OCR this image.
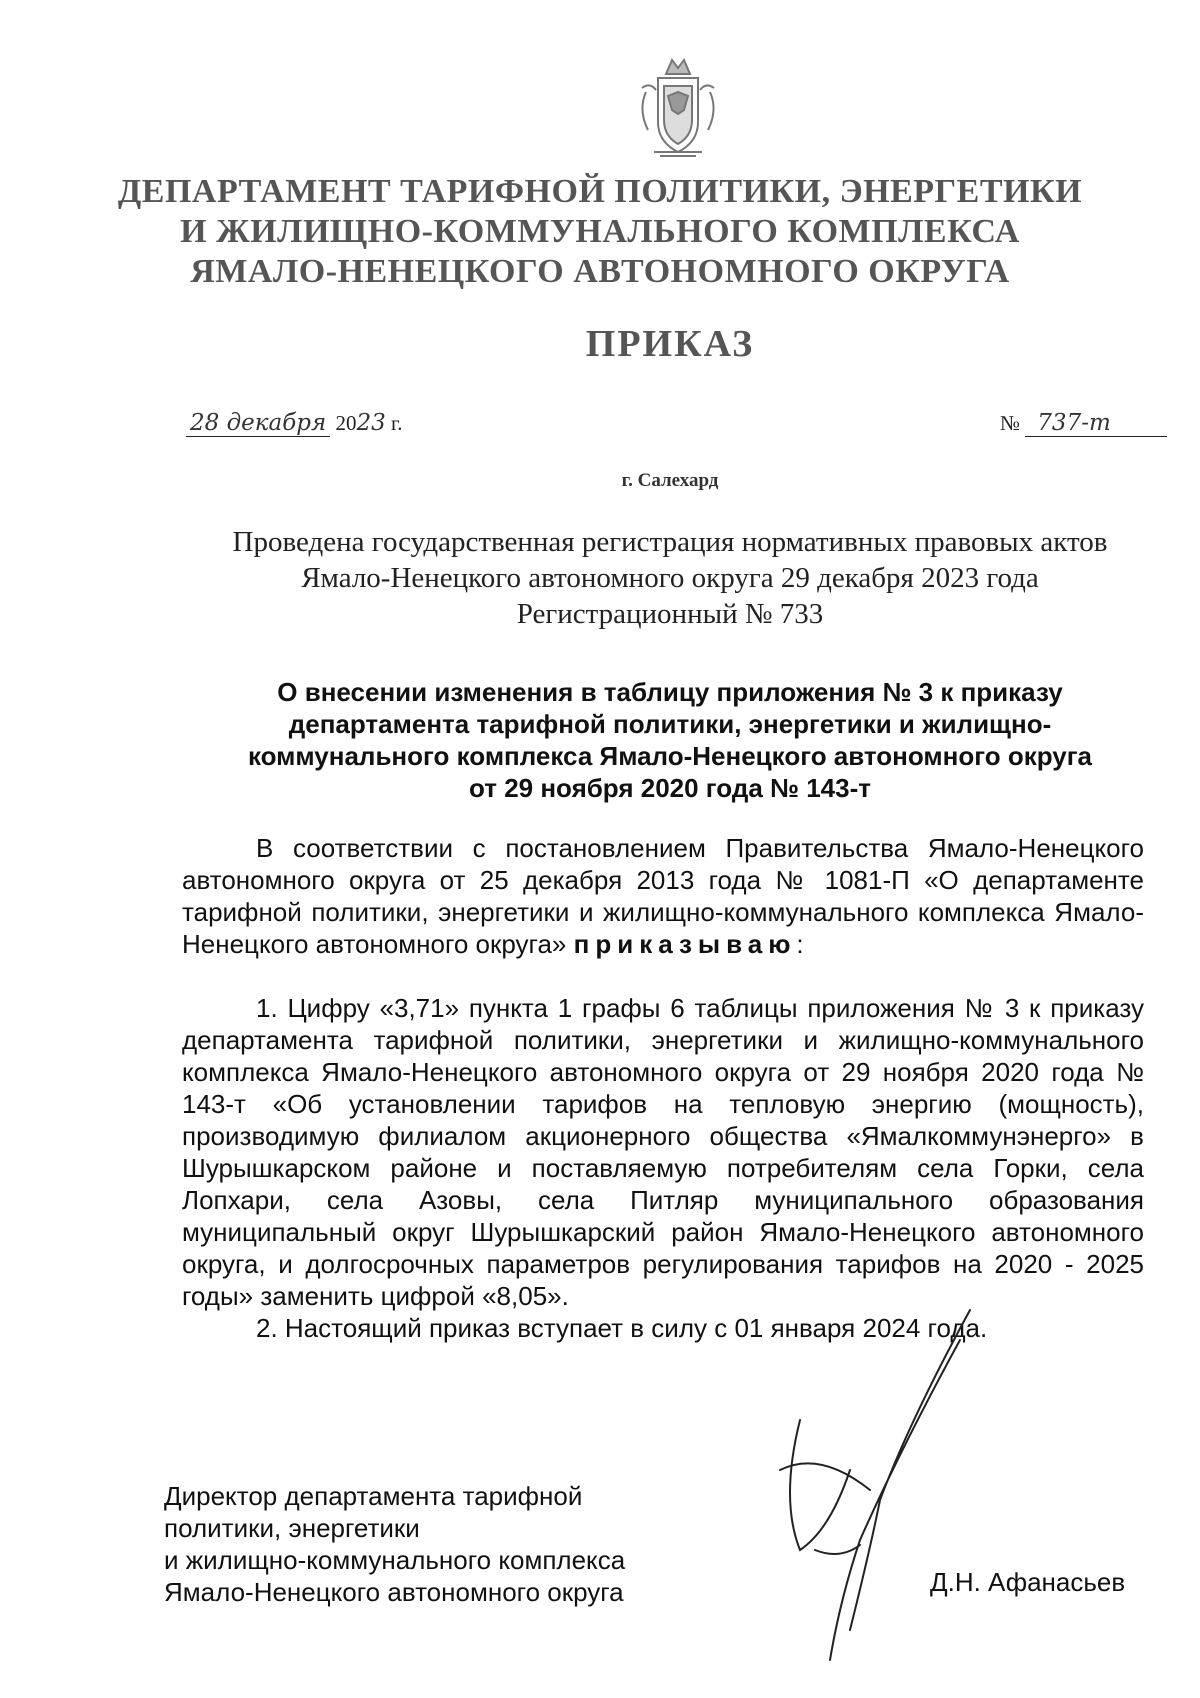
ДЕПАРТАМЕНТ ТАРИФНОЙ ПОЛИТИКИ, ЭНЕРГЕТИКИ
И ЖИЛИЩНО-КОММУНАЛЬНОГО КОМПЛЕКСА
ЯМАЛО-НЕНЕЦКОГО АВТОНОМНОГО ОКРУГА
ПРИКАЗ
28 декабря 2023 г.	№ 737-т
г. Салехард
Проведена государственная регистрация нормативных правовых актов
Ямало-Ненецкого автономного округа 29 декабря 2023 года
Регистрационный № 733
О внесении изменения в таблицу приложения № 3 к приказу
департамента тарифной политики, энергетики и жилищно-
коммунального комплекса Ямало-Ненецкого автономного округа
от 29 ноября 2020 года № 143-т

В соответствии с постановлением Правительства Ямало-Ненецкого автономного округа от 25 декабря 2013 года № 1081-П «О департаменте тарифной политики, энергетики и жилищно-коммунального комплекса Ямало-Ненецкого автономного округа» приказываю:

1. Цифру «3,71» пункта 1 графы 6 таблицы приложения № 3 к приказу департамента тарифной политики, энергетики и жилищно-коммунального комплекса Ямало-Ненецкого автономного округа от 29 ноября 2020 года № 143-т «Об установлении тарифов на тепловую энергию (мощность), производимую филиалом акционерного общества «Ямалкоммунэнерго» в Шурышкарском районе и поставляемую потребителям села Горки, села Лопхари, села Азовы, села Питляр муниципального образования муниципальный округ Шурышкарский район Ямало-Ненецкого автономного округа, и долгосрочных параметров регулирования тарифов на 2020 - 2025 годы» заменить цифрой «8,05».

2. Настоящий приказ вступает в силу с 01 января 2024 года.

Директор департамента тарифной
политики, энергетики
и жилищно-коммунального комплекса
Ямало-Ненецкого автономного округа	Д.Н. Афанасьев
